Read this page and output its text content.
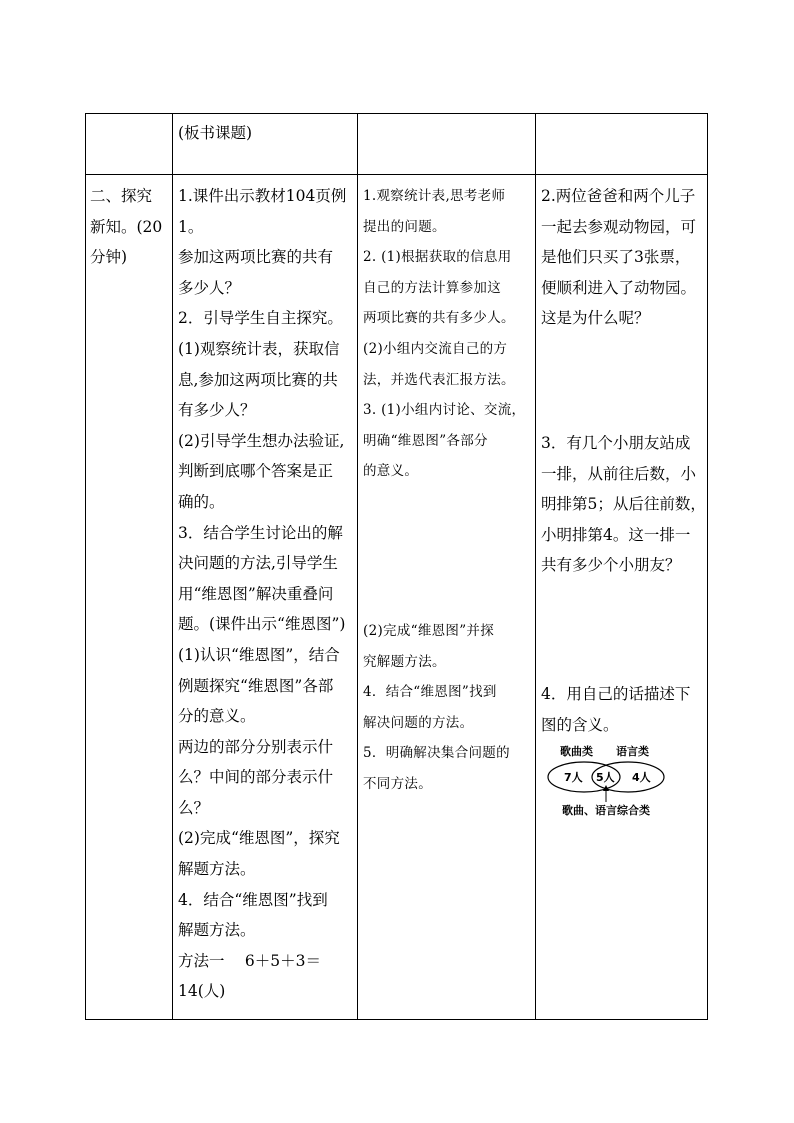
(板书课题)

二、探究

新知。(20

分钟)

1.课件出示教材104页例

1。

参加这两项比赛的共有

多少人？

2．引导学生自主探究。

(1)观察统计表，获取信

息,参加这两项比赛的共

有多少人？

(2)引导学生想办法验证,

判断到底哪个答案是正

确的。

3．结合学生讨论出的解

决问题的方法,引导学生

用“维恩图”解决重叠问

题。(课件出示“维恩图”)

(1)认识“维恩图”，结合

例题探究“维恩图”各部

分的意义。

两边的部分分别表示什

么？中间的部分表示什

么？

(2)完成“维恩图”，探究

解题方法。

4．结合“维恩图”找到

解题方法。

方法一　 6＋5＋3＝

14(人)

1.观察统计表,思考老师

提出的问题。

2. (1)根据获取的信息用

自己的方法计算参加这

两项比赛的共有多少人。

(2)小组内交流自己的方

法，并选代表汇报方法。

3. (1)小组内讨论、交流，

明确“维恩图”各部分

的意义。

(2)完成“维恩图”并探

究解题方法。

4．结合“维恩图”找到

解决问题的方法。

5．明确解决集合问题的

不同方法。

2.两位爸爸和两个儿子

一起去参观动物园，可

是他们只买了3张票，

便顺利进入了动物园。

这是为什么呢？

3．有几个小朋友站成

一排，从前往后数，小

明排第5；从后往前数，

小明排第4。这一排一

共有多少个小朋友？

4．用自己的话描述下

图的含义。

歌曲类 语言类
7人 5人 4人
歌曲、语言综合类
